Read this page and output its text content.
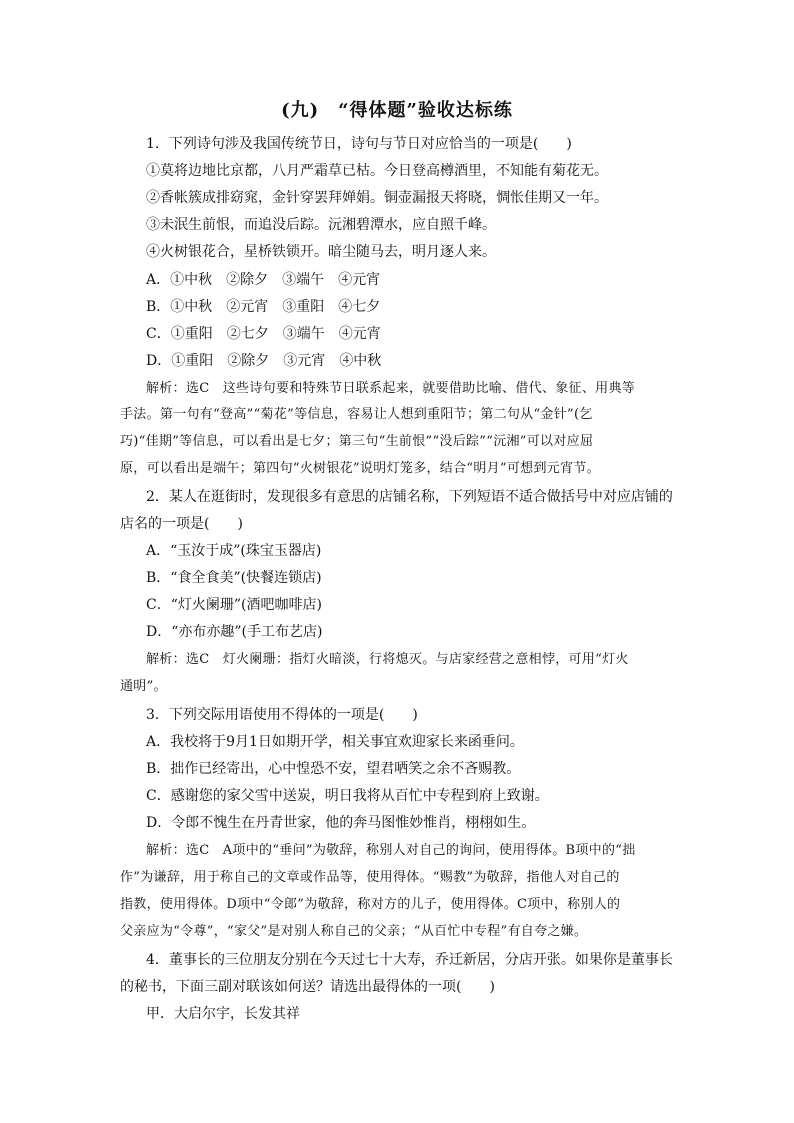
(九)　“得体题”验收达标练
1．下列诗句涉及我国传统节日，诗句与节日对应恰当的一项是(　　)
①莫将边地比京都，八月严霜草已枯。今日登高樽酒里，不知能有菊花无。
②香帐簇成排窈窕，金针穿罢拜婵娟。铜壶漏报天将晓，惆怅佳期又一年。
③未泯生前恨，而追没后踪。沅湘碧潭水，应自照千峰。
④火树银花合，星桥铁锁开。暗尘随马去，明月逐人来。
A．①中秋　②除夕　③端午　④元宵
B．①中秋　②元宵　③重阳　④七夕
C．①重阳　②七夕　③端午　④元宵
D．①重阳　②除夕　③元宵　④中秋
解析：选C　这些诗句要和特殊节日联系起来，就要借助比喻、借代、象征、用典等
手法。第一句有“登高”“菊花”等信息，容易让人想到重阳节；第二句从“金针”(乞
巧)“佳期”等信息，可以看出是七夕；第三句“生前恨”“没后踪”“沅湘”可以对应屈
原，可以看出是端午；第四句“火树银花”说明灯笼多，结合“明月”可想到元宵节。
2．某人在逛街时，发现很多有意思的店铺名称，下列短语不适合做括号中对应店铺的
店名的一项是(　　)
A．“玉汝于成”(珠宝玉器店)
B．“食全食美”(快餐连锁店)
C．“灯火阑珊”(酒吧咖啡店)
D．“亦布亦趣”(手工布艺店)
解析：选C　灯火阑珊：指灯火暗淡，行将熄灭。与店家经营之意相悖，可用“灯火
通明”。
3．下列交际用语使用不得体的一项是(　　)
A．我校将于9月1日如期开学，相关事宜欢迎家长来函垂问。
B．拙作已经寄出，心中惶恐不安，望君哂笑之余不吝赐教。
C．感谢您的家父雪中送炭，明日我将从百忙中专程到府上致谢。
D．令郎不愧生在丹青世家，他的奔马图惟妙惟肖，栩栩如生。
解析：选C　A项中的“垂问”为敬辞，称别人对自己的询问，使用得体。B项中的“拙
作”为谦辞，用于称自己的文章或作品等，使用得体。“赐教”为敬辞，指他人对自己的
指教，使用得体。D项中“令郎”为敬辞，称对方的儿子，使用得体。C项中，称别人的
父亲应为“令尊”，“家父”是对别人称自己的父亲；“从百忙中专程”有自夸之嫌。
4．董事长的三位朋友分别在今天过七十大寿，乔迁新居，分店开张。如果你是董事长
的秘书，下面三副对联该如何送？请选出最得体的一项(　　)
甲．大启尔宇，长发其祥
